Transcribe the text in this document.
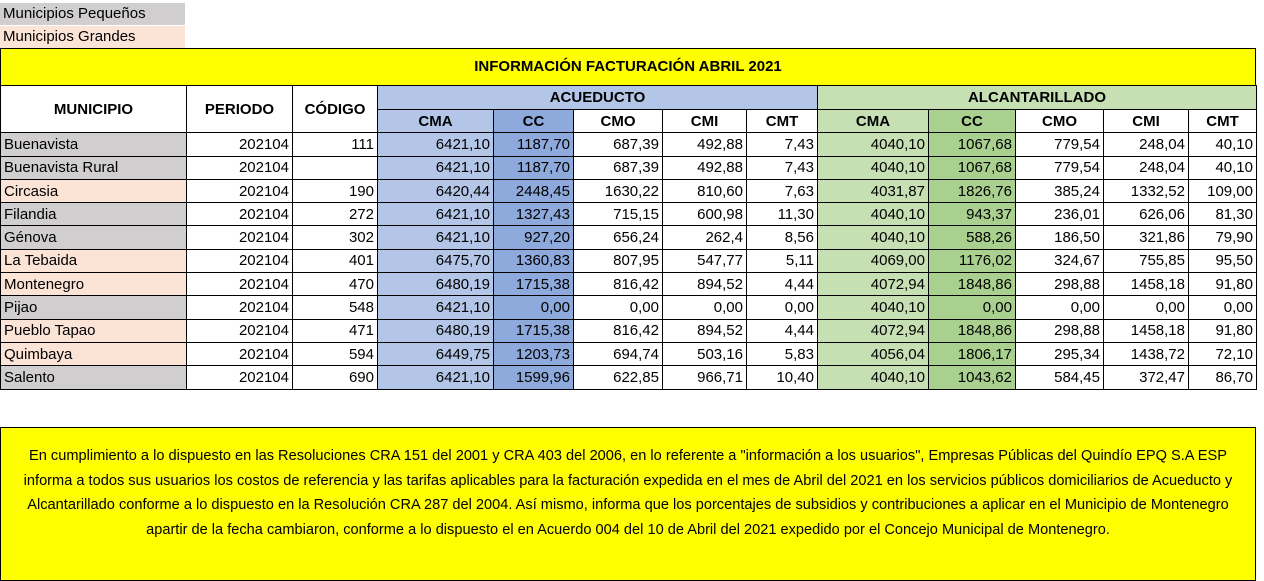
Municipios Pequeños
Municipios Grandes
INFORMACIÓN FACTURACIÓN ABRIL 2021
MUNICIPIO	PERIODO	CÓDIGO	ACUEDUCTO					ALCANTARILLADO				
			CMA	CC	CMO	CMI	CMT	CMA	CC	CMO	CMI	CMT
Buenavista	202104	111	6421,10	1187,70	687,39	492,88	7,43	4040,10	1067,68	779,54	248,04	40,10
Buenavista Rural	202104		6421,10	1187,70	687,39	492,88	7,43	4040,10	1067,68	779,54	248,04	40,10
Circasia	202104	190	6420,44	2448,45	1630,22	810,60	7,63	4031,87	1826,76	385,24	1332,52	109,00
Filandia	202104	272	6421,10	1327,43	715,15	600,98	11,30	4040,10	943,37	236,01	626,06	81,30
Génova	202104	302	6421,10	927,20	656,24	262,4	8,56	4040,10	588,26	186,50	321,86	79,90
La Tebaida	202104	401	6475,70	1360,83	807,95	547,77	5,11	4069,00	1176,02	324,67	755,85	95,50
Montenegro	202104	470	6480,19	1715,38	816,42	894,52	4,44	4072,94	1848,86	298,88	1458,18	91,80
Pijao	202104	548	6421,10	0,00	0,00	0,00	0,00	4040,10	0,00	0,00	0,00	0,00
Pueblo Tapao	202104	471	6480,19	1715,38	816,42	894,52	4,44	4072,94	1848,86	298,88	1458,18	91,80
Quimbaya	202104	594	6449,75	1203,73	694,74	503,16	5,83	4056,04	1806,17	295,34	1438,72	72,10
Salento	202104	690	6421,10	1599,96	622,85	966,71	10,40	4040,10	1043,62	584,45	372,47	86,70
En cumplimiento a lo dispuesto en las Resoluciones CRA 151 del 2001 y CRA 403 del 2006, en lo referente a "información a los usuarios", Empresas Públicas del Quindío EPQ S.A ESP informa a todos sus usuarios los costos de referencia y las tarifas aplicables para la facturación expedida en el mes de Abril del 2021 en los servicios públicos domiciliarios de Acueducto y Alcantarillado conforme a lo dispuesto en la Resolución CRA 287 del 2004. Así mismo, informa que los porcentajes de subsidios y contribuciones a aplicar en el Municipio de Montenegro apartir de la fecha cambiaron, conforme a lo dispuesto el en Acuerdo 004 del 10 de Abril del 2021 expedido por el Concejo Municipal de Montenegro.
